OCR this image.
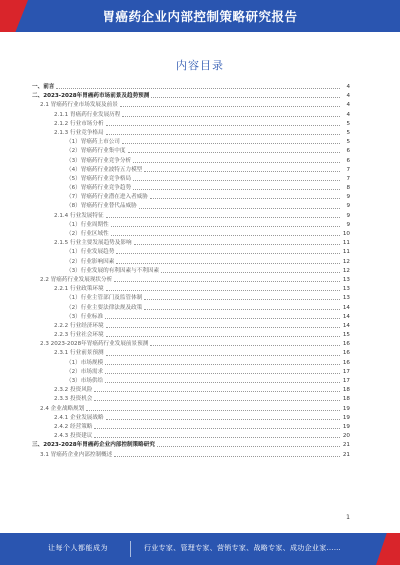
胃癌药企业内部控制策略研究报告
内容目录
一、前言	4
二、2023-2028年胃癌药市场前景及趋势预测	4
2.1 胃癌药行业市场发展及前景	4
2.1.1 胃癌药行业发展历程	4
2.1.2 行业市场分析	5
2.1.3 行业竞争格局	5
（1）胃癌药上市公司	5
（2）胃癌药行业集中度	6
（3）胃癌药行业竞争分析	6
（4）胃癌药行业波特五力模型	7
（5）胃癌药行业竞争格局	7
（6）胃癌药行业竞争趋势	8
（7）胃癌药行业潜在进入者威胁	9
（8）胃癌药行业替代品威胁	9
2.1.4 行业发展特征	9
（1）行业周期性	9
（2）行业区域性	10
2.1.5 行业主要发展趋势及影响	11
（1）行业发展趋势	11
（2）行业影响因素	12
（3）行业发展的有利因素与不利因素	12
2.2 胃癌药行业发展现状分析	13
2.2.1 行业政策环境	13
（1）行业主管部门及监管体制	13
（2）行业主要法律法规及政策	14
（3）行业标准	14
2.2.2 行业经济环境	14
2.2.3 行业社会环境	15
2.3 2023-2028年胃癌药行业发展前景预测	16
2.3.1 行业前景预测	16
（1）市场规模	16
（2）市场需求	17
（3）市场供给	17
2.3.2 投资风险	18
2.3.3 投资机会	18
2.4 企业战略规划	19
2.4.1 企业发展战略	19
2.4.2 经营策略	19
2.4.3 投资建议	20
三、2023-2028年胃癌药企业内部控制策略研究	21
3.1 胃癌药企业内部控制概述	21
1
让每个人都能成为	行业专家、管理专家、营销专家、战略专家、成功企业家……
